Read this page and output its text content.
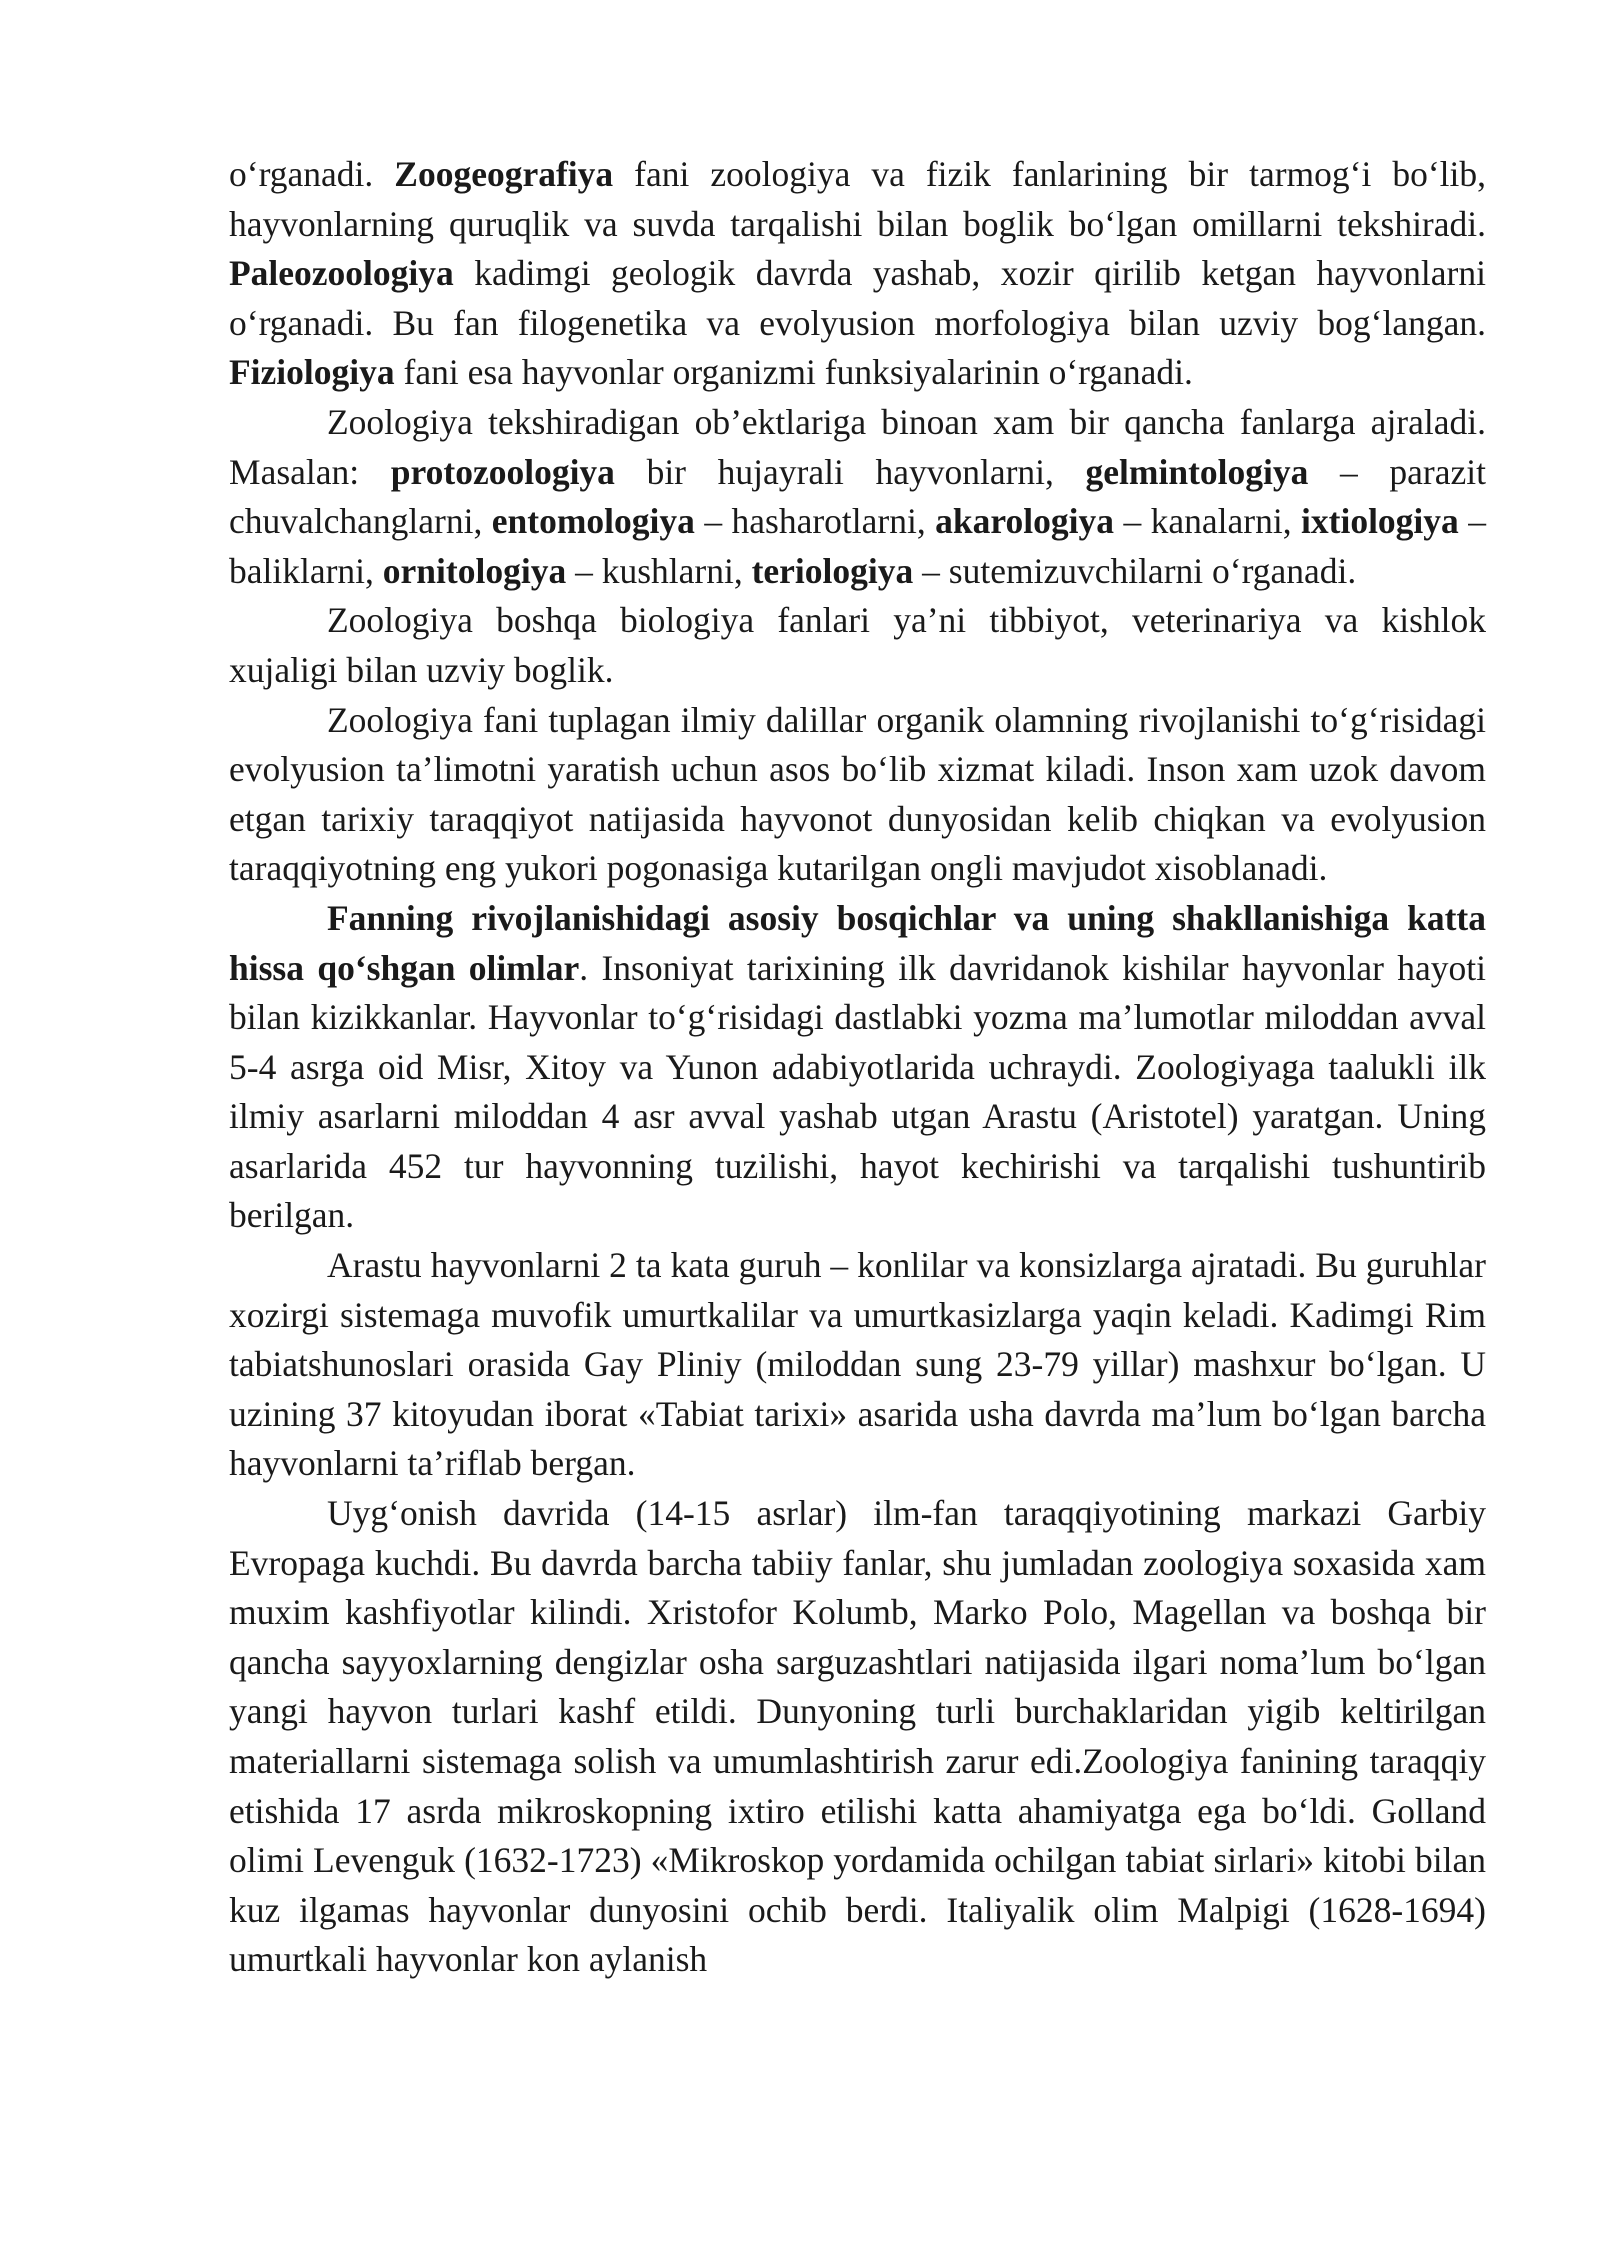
o‘rganadi. Zoogeografiya fani zoologiya va fizik fanlarining bir tarmog‘i bo‘lib, hayvonlarning quruqlik va suvda tarqalishi bilan boglik bo‘lgan omillarni tekshiradi. Paleozoologiya kadimgi geologik davrda yashab, xozir qirilib ketgan hayvonlarni o‘rganadi. Bu fan filogenetika va evolyusion morfologiya bilan uzviy bog‘langan. Fiziologiya fani esa hayvonlar organizmi funksiyalarinin o‘rganadi.

Zoologiya tekshiradigan ob’ektlariga binoan xam bir qancha fanlarga ajraladi. Masalan: protozoologiya bir hujayrali hayvonlarni, gelmintologiya – parazit chuvalchanglarni, entomologiya – hasharotlarni, akarologiya – kanalarni, ixtiologiya – baliklarni, ornitologiya – kushlarni, teriologiya – sutemizuvchilarni o‘rganadi.

Zoologiya boshqa biologiya fanlari ya’ni tibbiyot, veterinariya va kishlok xujaligi bilan uzviy boglik.

Zoologiya fani tuplagan ilmiy dalillar organik olamning rivojlanishi to‘g‘risidagi evolyusion ta’limotni yaratish uchun asos bo‘lib xizmat kiladi. Inson xam uzok davom etgan tarixiy taraqqiyot natijasida hayvonot dunyosidan kelib chiqkan va evolyusion taraqqiyotning eng yukori pogonasiga kutarilgan ongli mavjudot xisoblanadi.

Fanning rivojlanishidagi asosiy bosqichlar va uning shakllanishiga katta hissa qo‘shgan olimlar. Insoniyat tarixining ilk davridanok kishilar hayvonlar hayoti bilan kizikkanlar. Hayvonlar to‘g‘risidagi dastlabki yozma ma’lumotlar miloddan avval 5-4 asrga oid Misr, Xitoy va Yunon adabiyotlarida uchraydi. Zoologiyaga taalukli ilk ilmiy asarlarni miloddan 4 asr avval yashab utgan Arastu (Aristotel) yaratgan. Uning asarlarida 452 tur hayvonning tuzilishi, hayot kechirishi va tarqalishi tushuntirib berilgan.

Arastu hayvonlarni 2 ta kata guruh – konlilar va konsizlarga ajratadi. Bu guruhlar xozirgi sistemaga muvofik umurtkalilar va umurtkasizlarga yaqin keladi. Kadimgi Rim tabiatshunoslari orasida Gay Pliniy (miloddan sung 23-79 yillar) mashxur bo‘lgan. U uzining 37 kitoyudan iborat «Tabiat tarixi» asarida usha davrda ma’lum bo‘lgan barcha hayvonlarni ta’riflab bergan.

Uyg‘onish davrida (14-15 asrlar) ilm-fan taraqqiyotining markazi Garbiy Evropaga kuchdi. Bu davrda barcha tabiiy fanlar, shu jumladan zoologiya soxasida xam muxim kashfiyotlar kilindi. Xristofor Kolumb, Marko Polo, Magellan va boshqa bir qancha sayyoxlarning dengizlar osha sarguzashtlari natijasida ilgari noma’lum bo‘lgan yangi hayvon turlari kashf etildi. Dunyoning turli burchaklaridan yigib keltirilgan materiallarni sistemaga solish va umumlashtirish zarur edi.Zoologiya fanining taraqqiy etishida 17 asrda mikroskopning ixtiro etilishi katta ahamiyatga ega bo‘ldi. Golland olimi Levenguk (1632-1723) «Mikroskop yordamida ochilgan tabiat sirlari» kitobi bilan kuz ilgamas hayvonlar dunyosini ochib berdi. Italiyalik olim Malpigi (1628-1694) umurtkali hayvonlar kon aylanish
